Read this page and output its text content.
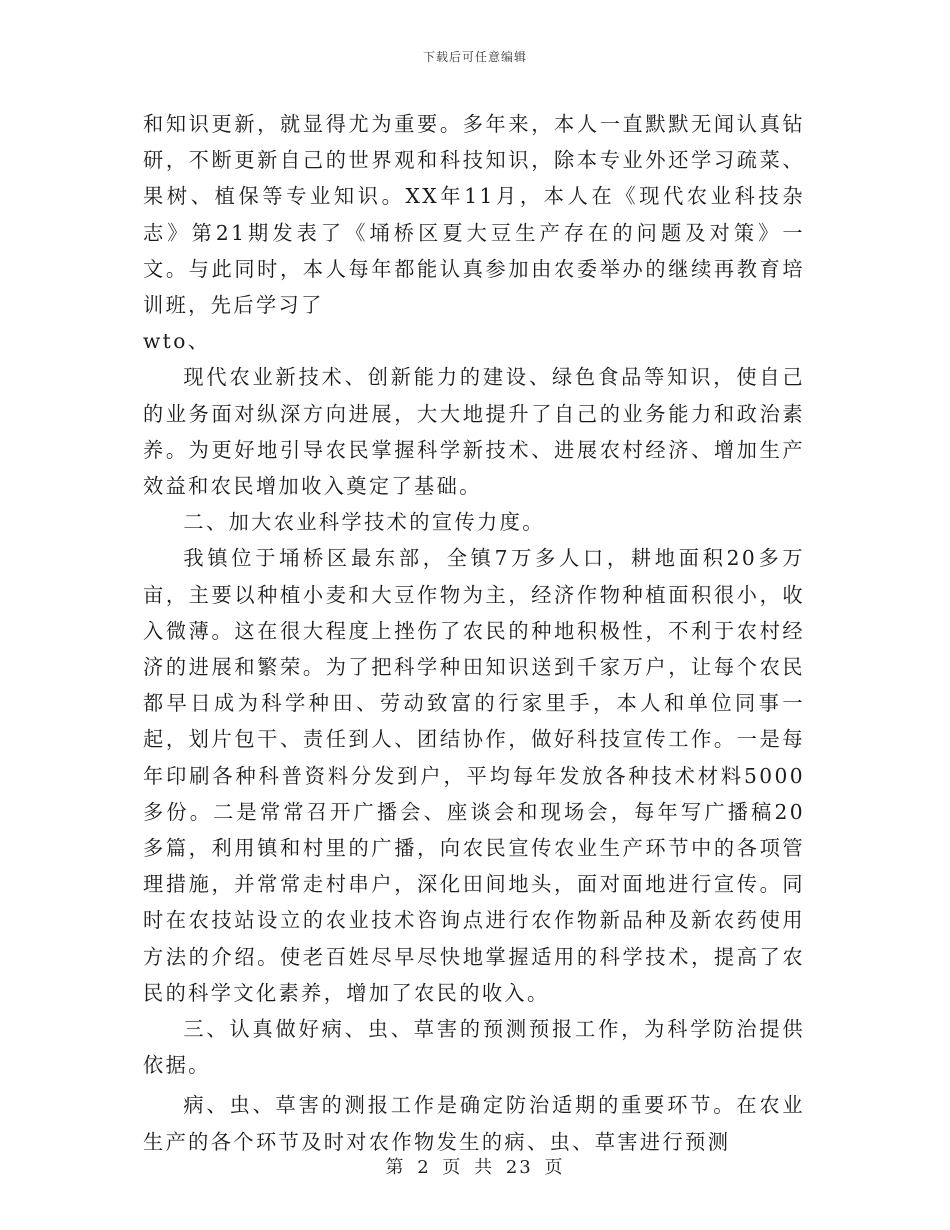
下载后可任意编辑

和知识更新，就显得尤为重要。多年来，本人一直默默无闻认真钻研，不断更新自己的世界观和科技知识，除本专业外还学习疏菜、果树、植保等专业知识。XX年11月，本人在《现代农业科技杂志》第21期发表了《埇桥区夏大豆生产存在的问题及对策》一文。与此同时，本人每年都能认真参加由农委举办的继续再教育培训班，先后学习了

wto、

现代农业新技术、创新能力的建设、绿色食品等知识，使自己的业务面对纵深方向进展，大大地提升了自己的业务能力和政治素养。为更好地引导农民掌握科学新技术、进展农村经济、增加生产效益和农民增加收入奠定了基础。

二、加大农业科学技术的宣传力度。

我镇位于埇桥区最东部，全镇7万多人口，耕地面积20多万亩，主要以种植小麦和大豆作物为主，经济作物种植面积很小，收入微薄。这在很大程度上挫伤了农民的种地积极性，不利于农村经济的进展和繁荣。为了把科学种田知识送到千家万户，让每个农民都早日成为科学种田、劳动致富的行家里手，本人和单位同事一起，划片包干、责任到人、团结协作，做好科技宣传工作。一是每年印刷各种科普资料分发到户，平均每年发放各种技术材料5000多份。二是常常召开广播会、座谈会和现场会，每年写广播稿20多篇，利用镇和村里的广播，向农民宣传农业生产环节中的各项管理措施，并常常走村串户，深化田间地头，面对面地进行宣传。同时在农技站设立的农业技术咨询点进行农作物新品种及新农药使用方法的介绍。使老百姓尽早尽快地掌握适用的科学技术，提高了农民的科学文化素养，增加了农民的收入。

三、认真做好病、虫、草害的预测预报工作，为科学防治提供依据。

病、虫、草害的测报工作是确定防治适期的重要环节。在农业生产的各个环节及时对农作物发生的病、虫、草害进行预测

第 2 页 共 23 页
